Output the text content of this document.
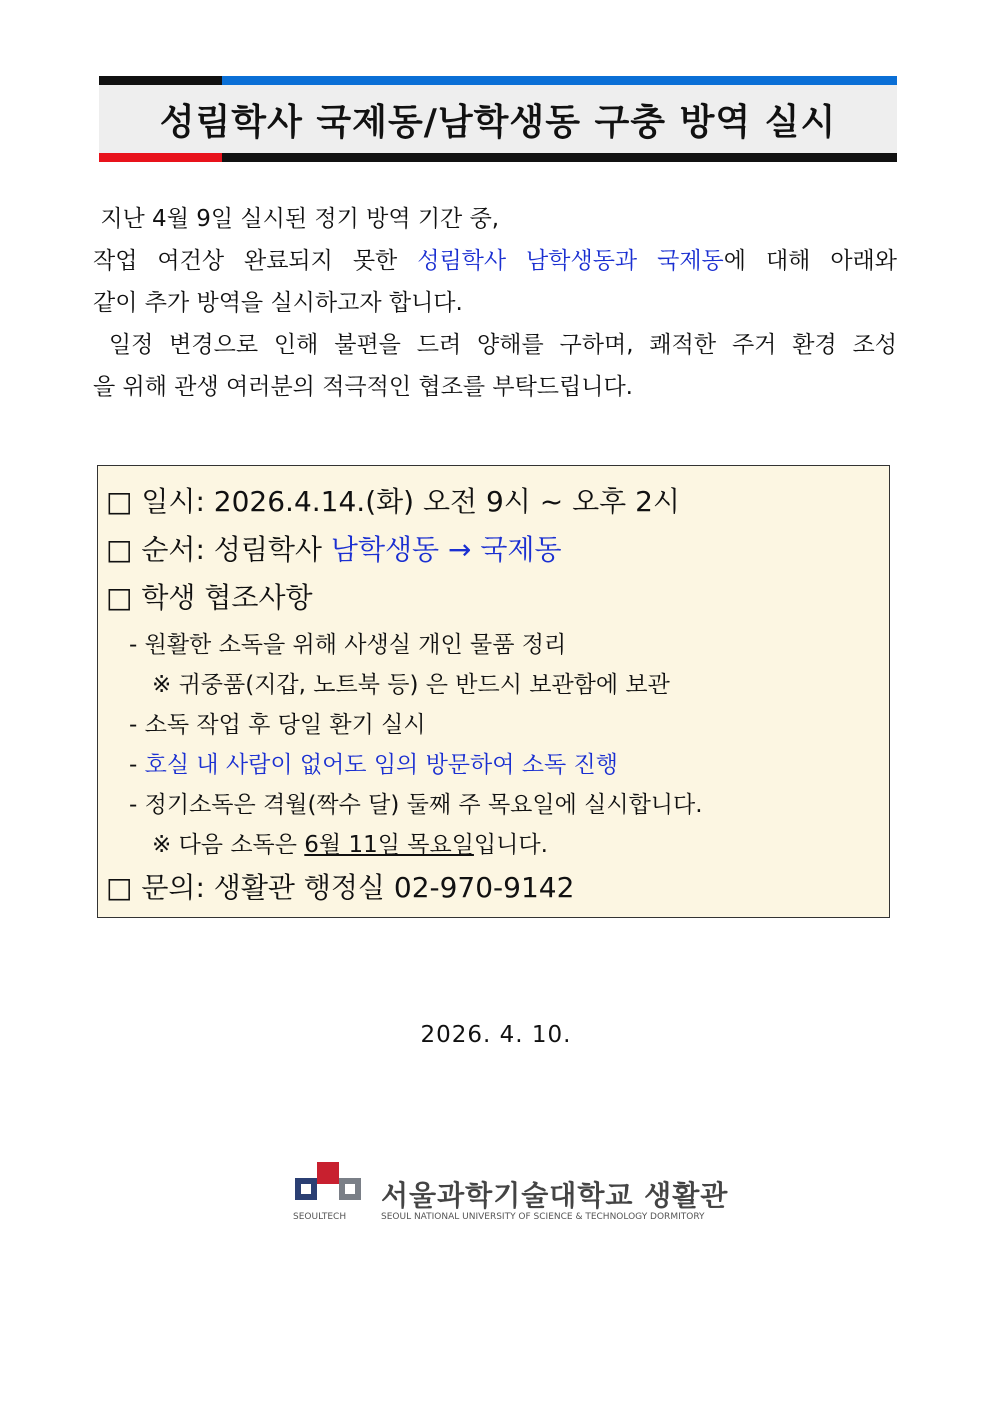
성림학사 국제동/남학생동 구충 방역 실시

지난 4월 9일 실시된 정기 방역 기간 중,

작업 여건상 완료되지 못한 성림학사 남학생동과 국제동에 대해 아래와

같이 추가 방역을 실시하고자 합니다.

일정 변경으로 인해 불편을 드려 양해를 구하며, 쾌적한 주거 환경 조성

을 위해 관생 여러분의 적극적인 협조를 부탁드립니다.

□ 일시: 2026.4.14.(화) 오전 9시 ~ 오후 2시
□ 순서: 성림학사 남학생동 → 국제동
□ 학생 협조사항
- 원활한 소독을 위해 사생실 개인 물품 정리
※ 귀중품(지갑, 노트북 등) 은 반드시 보관함에 보관
- 소독 작업 후 당일 환기 실시
- 호실 내 사람이 없어도 임의 방문하여 소독 진행
- 정기소독은 격월(짝수 달) 둘째 주 목요일에 실시합니다.
※ 다음 소독은 6월 11일 목요일입니다.
□ 문의: 생활관 행정실 02-970-9142
2026. 4. 10.
SEOULTECH
서울과학기술대학교 생활관
SEOUL NATIONAL UNIVERSITY OF SCIENCE & TECHNOLOGY DORMITORY
